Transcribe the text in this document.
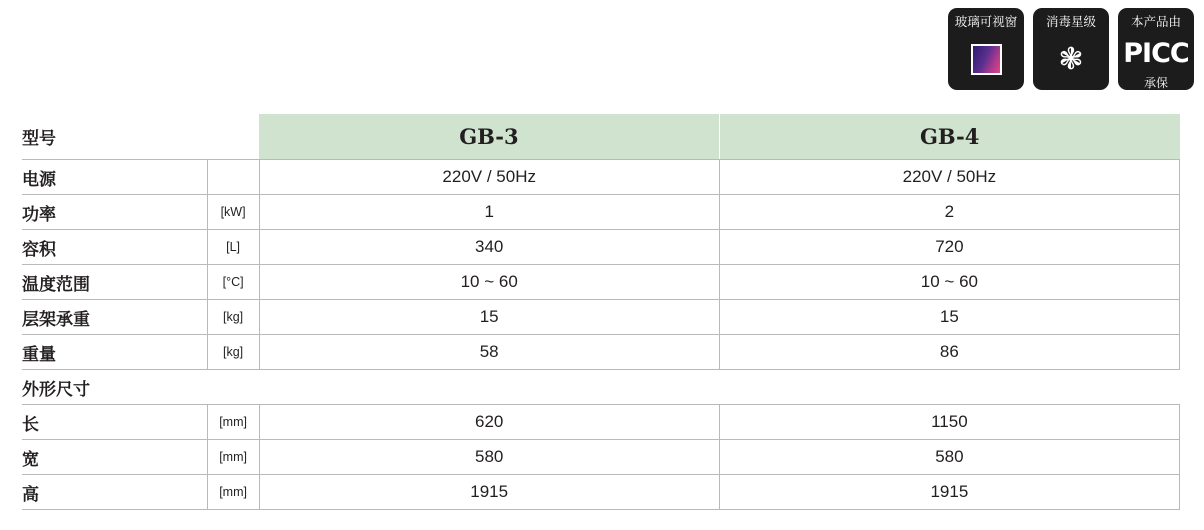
玻璃可视窗 消毒星级
❃
本产品由
PICC
承保
型号		GB-3	GB-4
电源		220V / 50Hz	220V / 50Hz
功率	[kW]	1	2
容积	[L]	340	720
温度范围	[°C]	10 ~ 60	10 ~ 60
层架承重	[kg]	15	15
重量	[kg]	58	86
外形尺寸			
长	[mm]	620	1150
宽	[mm]	580	580
高	[mm]	1915	1915
